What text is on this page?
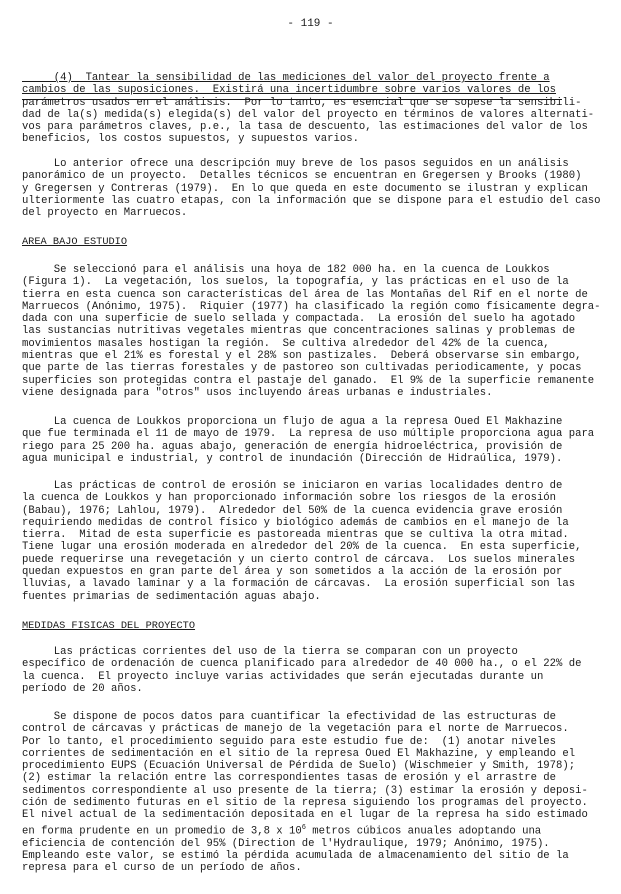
- 119 -
(4)  Tantear la sensibilidad de las mediciones del valor del proyecto frente a
cambios de las suposiciones.  Existirá una incertidumbre sobre varios valores de los
parámetros usados en el análisis.  Por lo tanto, es esencial que se sopese la sensibili-
dad de la(s) medida(s) elegida(s) del valor del proyecto en términos de valores alternati-
vos para parámetros claves, p.e., la tasa de descuento, las estimaciones del valor de los
beneficios, los costos supuestos, y supuestos varios.
Lo anterior ofrece una descripción muy breve de los pasos seguidos en un análisis
panorámico de un proyecto.  Detalles técnicos se encuentran en Gregersen y Brooks (1980)
y Gregersen y Contreras (1979).  En lo que queda en este documento se ilustran y explican
ulteriormente las cuatro etapas, con la información que se dispone para el estudio del caso
del proyecto en Marruecos.
AREA BAJO ESTUDIO
Se seleccionó para el análisis una hoya de 182 000 ha. en la cuenca de Loukkos
(Figura 1).  La vegetación, los suelos, la topografía, y las prácticas en el uso de la
tierra en esta cuenca son características del área de las Montañas del Rif en el norte de
Marruecos (Anónimo, 1975).  Riquier (1977) ha clasificado la región como físicamente degra-
dada con una superficie de suelo sellada y compactada.  La erosión del suelo ha agotado
las sustancias nutritivas vegetales mientras que concentraciones salinas y problemas de
movimientos masales hostigan la región.  Se cultiva alrededor del 42% de la cuenca,
mientras que el 21% es forestal y el 28% son pastizales.  Deberá observarse sin embargo,
que parte de las tierras forestales y de pastoreo son cultivadas periodicamente, y pocas
superficies son protegidas contra el pastaje del ganado.  El 9% de la superficie remanente
viene designada para "otros" usos incluyendo áreas urbanas e industriales.
La cuenca de Loukkos proporciona un flujo de agua a la represa Oued El Makhazine
que fue terminada el 11 de mayo de 1979.  La represa de uso múltiple proporciona agua para
riego para 25 200 ha. aguas abajo, generación de energía hidroeléctrica, provisión de
agua municipal e industrial, y control de inundación (Dirección de Hidraúlica, 1979).
Las prácticas de control de erosión se iniciaron en varias localidades dentro de
la cuenca de Loukkos y han proporcionado información sobre los riesgos de la erosión
(Babau), 1976; Lahlou, 1979).  Alrededor del 50% de la cuenca evidencia grave erosión
requiriendo medidas de control físico y biológico además de cambios en el manejo de la
tierra.  Mitad de esta superficie es pastoreada mientras que se cultiva la otra mitad.
Tiene lugar una erosión moderada en alrededor del 20% de la cuenca.  En esta superficie,
puede requerirse una revegetación y un cierto control de cárcava.  Los suelos minerales
quedan expuestos en gran parte del área y son sometidos a la acción de la erosión por
lluvias, a lavado laminar y a la formación de cárcavas.  La erosión superficial son las
fuentes primarias de sedimentación aguas abajo.
MEDIDAS FISICAS DEL PROYECTO
Las prácticas corrientes del uso de la tierra se comparan con un proyecto
específico de ordenación de cuenca planificado para alrededor de 40 000 ha., o el 22% de
la cuenca.  El proyecto incluye varias actividades que serán ejecutadas durante un
período de 20 años.
Se dispone de pocos datos para cuantificar la efectividad de las estructuras de
control de cárcavas y prácticas de manejo de la vegetación para el norte de Marruecos.
Por lo tanto, el procedimiento seguido para este estudio fue de:  (1) anotar niveles
corrientes de sedimentación en el sitio de la represa Oued El Makhazine, y empleando el
procedimiento EUPS (Ecuación Universal de Pérdida de Suelo) (Wischmeier y Smith, 1978);
(2) estimar la relación entre las correspondientes tasas de erosión y el arrastre de
sedimentos correspondiente al uso presente de la tierra; (3) estimar la erosión y deposi-
ción de sedimento futuras en el sitio de la represa siguiendo los programas del proyecto.
El nivel actual de la sedimentación depositada en el lugar de la represa ha sido estimado
en forma prudente en un promedio de 3,8 x $10^6$ metros cúbicos anuales adoptando una
eficiencia de contención del 95% (Direction de l'Hydraulique, 1979; Anónimo, 1975).
Empleando este valor, se estimó la pérdida acumulada de almacenamiento del sitio de la
represa para el curso de un período de años.
